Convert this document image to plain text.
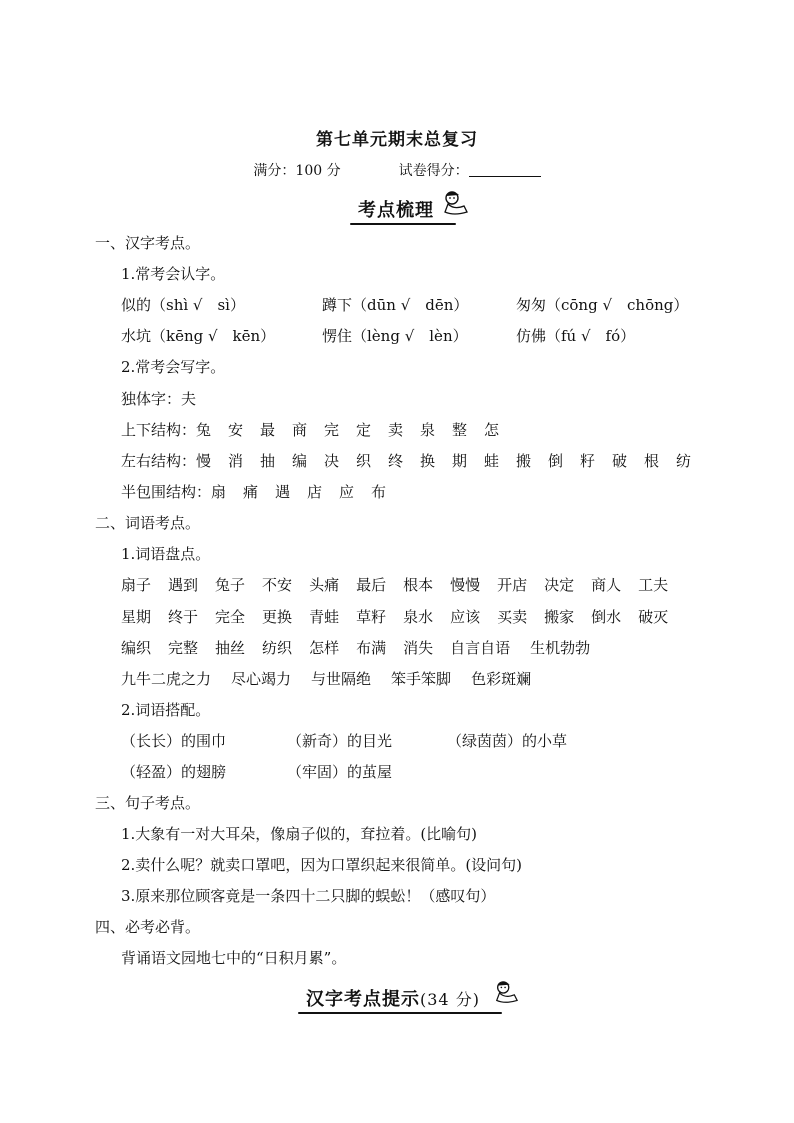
第七单元期末总复习
满分：100 分	试卷得分：
考点梳理
一、汉字考点。
1.常考会认字。
似的（shì √　sì）	蹲下（dūn √　dēn）	匆匆（cōng √　chōng）
水坑（kēng √　kēn）	愣住（lèng √　lèn）	仿佛（fú √　fó）
2.常考会写字。
独体字：夫
上下结构：兔 安 最 商 完 定 卖 泉 整 怎
左右结构：慢 消 抽 编 决 织 终 换 期 蛙 搬 倒 籽 破 根 纺
半包围结构：扇 痛 遇 店 应 布
二、词语考点。
1.词语盘点。
扇子 遇到 兔子 不安 头痛 最后 根本 慢慢 开店 决定 商人 工夫
星期 终于 完全 更换 青蛙 草籽 泉水 应该 买卖 搬家 倒水 破灭
编织 完整 抽丝 纺织 怎样 布满 消失 自言自语 生机勃勃
九牛二虎之力 尽心竭力 与世隔绝 笨手笨脚 色彩斑斓
2.词语搭配。
（长长）的围巾	（新奇）的目光	（绿茵茵）的小草
（轻盈）的翅膀	（牢固）的茧屋
三、句子考点。
1.大象有一对大耳朵，像扇子似的，耷拉着。(比喻句)
2.卖什么呢？就卖口罩吧，因为口罩织起来很简单。(设问句)
3.原来那位顾客竟是一条四十二只脚的蜈蚣！（感叹句）
四、必考必背。
背诵语文园地七中的“日积月累”。
汉字考点提示(34 分)
